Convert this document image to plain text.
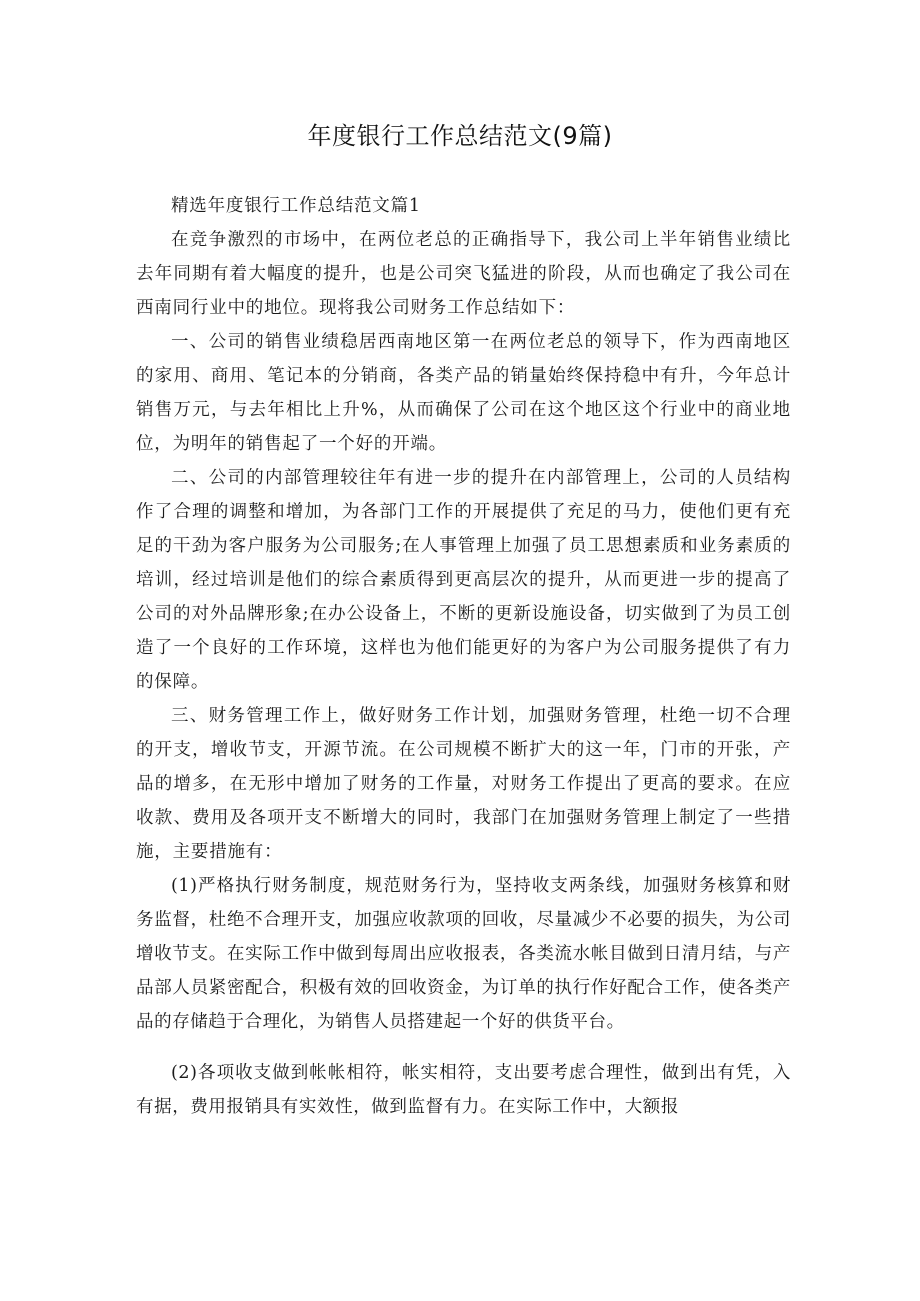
年度银行工作总结范文(9篇)

精选年度银行工作总结范文篇1

在竞争激烈的市场中，在两位老总的正确指导下，我公司上半年销售业绩比去年同期有着大幅度的提升，也是公司突飞猛进的阶段，从而也确定了我公司在西南同行业中的地位。现将我公司财务工作总结如下：

一、公司的销售业绩稳居西南地区第一在两位老总的领导下，作为西南地区的家用、商用、笔记本的分销商，各类产品的销量始终保持稳中有升，今年总计销售万元，与去年相比上升%，从而确保了公司在这个地区这个行业中的商业地位，为明年的销售起了一个好的开端。

二、公司的内部管理较往年有进一步的提升在内部管理上，公司的人员结构作了合理的调整和增加，为各部门工作的开展提供了充足的马力，使他们更有充足的干劲为客户服务为公司服务;在人事管理上加强了员工思想素质和业务素质的培训，经过培训是他们的综合素质得到更高层次的提升，从而更进一步的提高了公司的对外品牌形象;在办公设备上，不断的更新设施设备，切实做到了为员工创造了一个良好的工作环境，这样也为他们能更好的为客户为公司服务提供了有力的保障。

三、财务管理工作上，做好财务工作计划，加强财务管理，杜绝一切不合理的开支，增收节支，开源节流。在公司规模不断扩大的这一年，门市的开张，产品的增多，在无形中增加了财务的工作量，对财务工作提出了更高的要求。在应收款、费用及各项开支不断增大的同时，我部门在加强财务管理上制定了一些措施，主要措施有：

(1)严格执行财务制度，规范财务行为，坚持收支两条线，加强财务核算和财务监督，杜绝不合理开支，加强应收款项的回收，尽量减少不必要的损失，为公司增收节支。在实际工作中做到每周出应收报表，各类流水帐目做到日清月结，与产品部人员紧密配合，积极有效的回收资金，为订单的执行作好配合工作，使各类产品的存储趋于合理化，为销售人员搭建起一个好的供货平台。

(2)各项收支做到帐帐相符，帐实相符，支出要考虑合理性，做到出有凭，入有据，费用报销具有实效性，做到监督有力。在实际工作中，大额报
